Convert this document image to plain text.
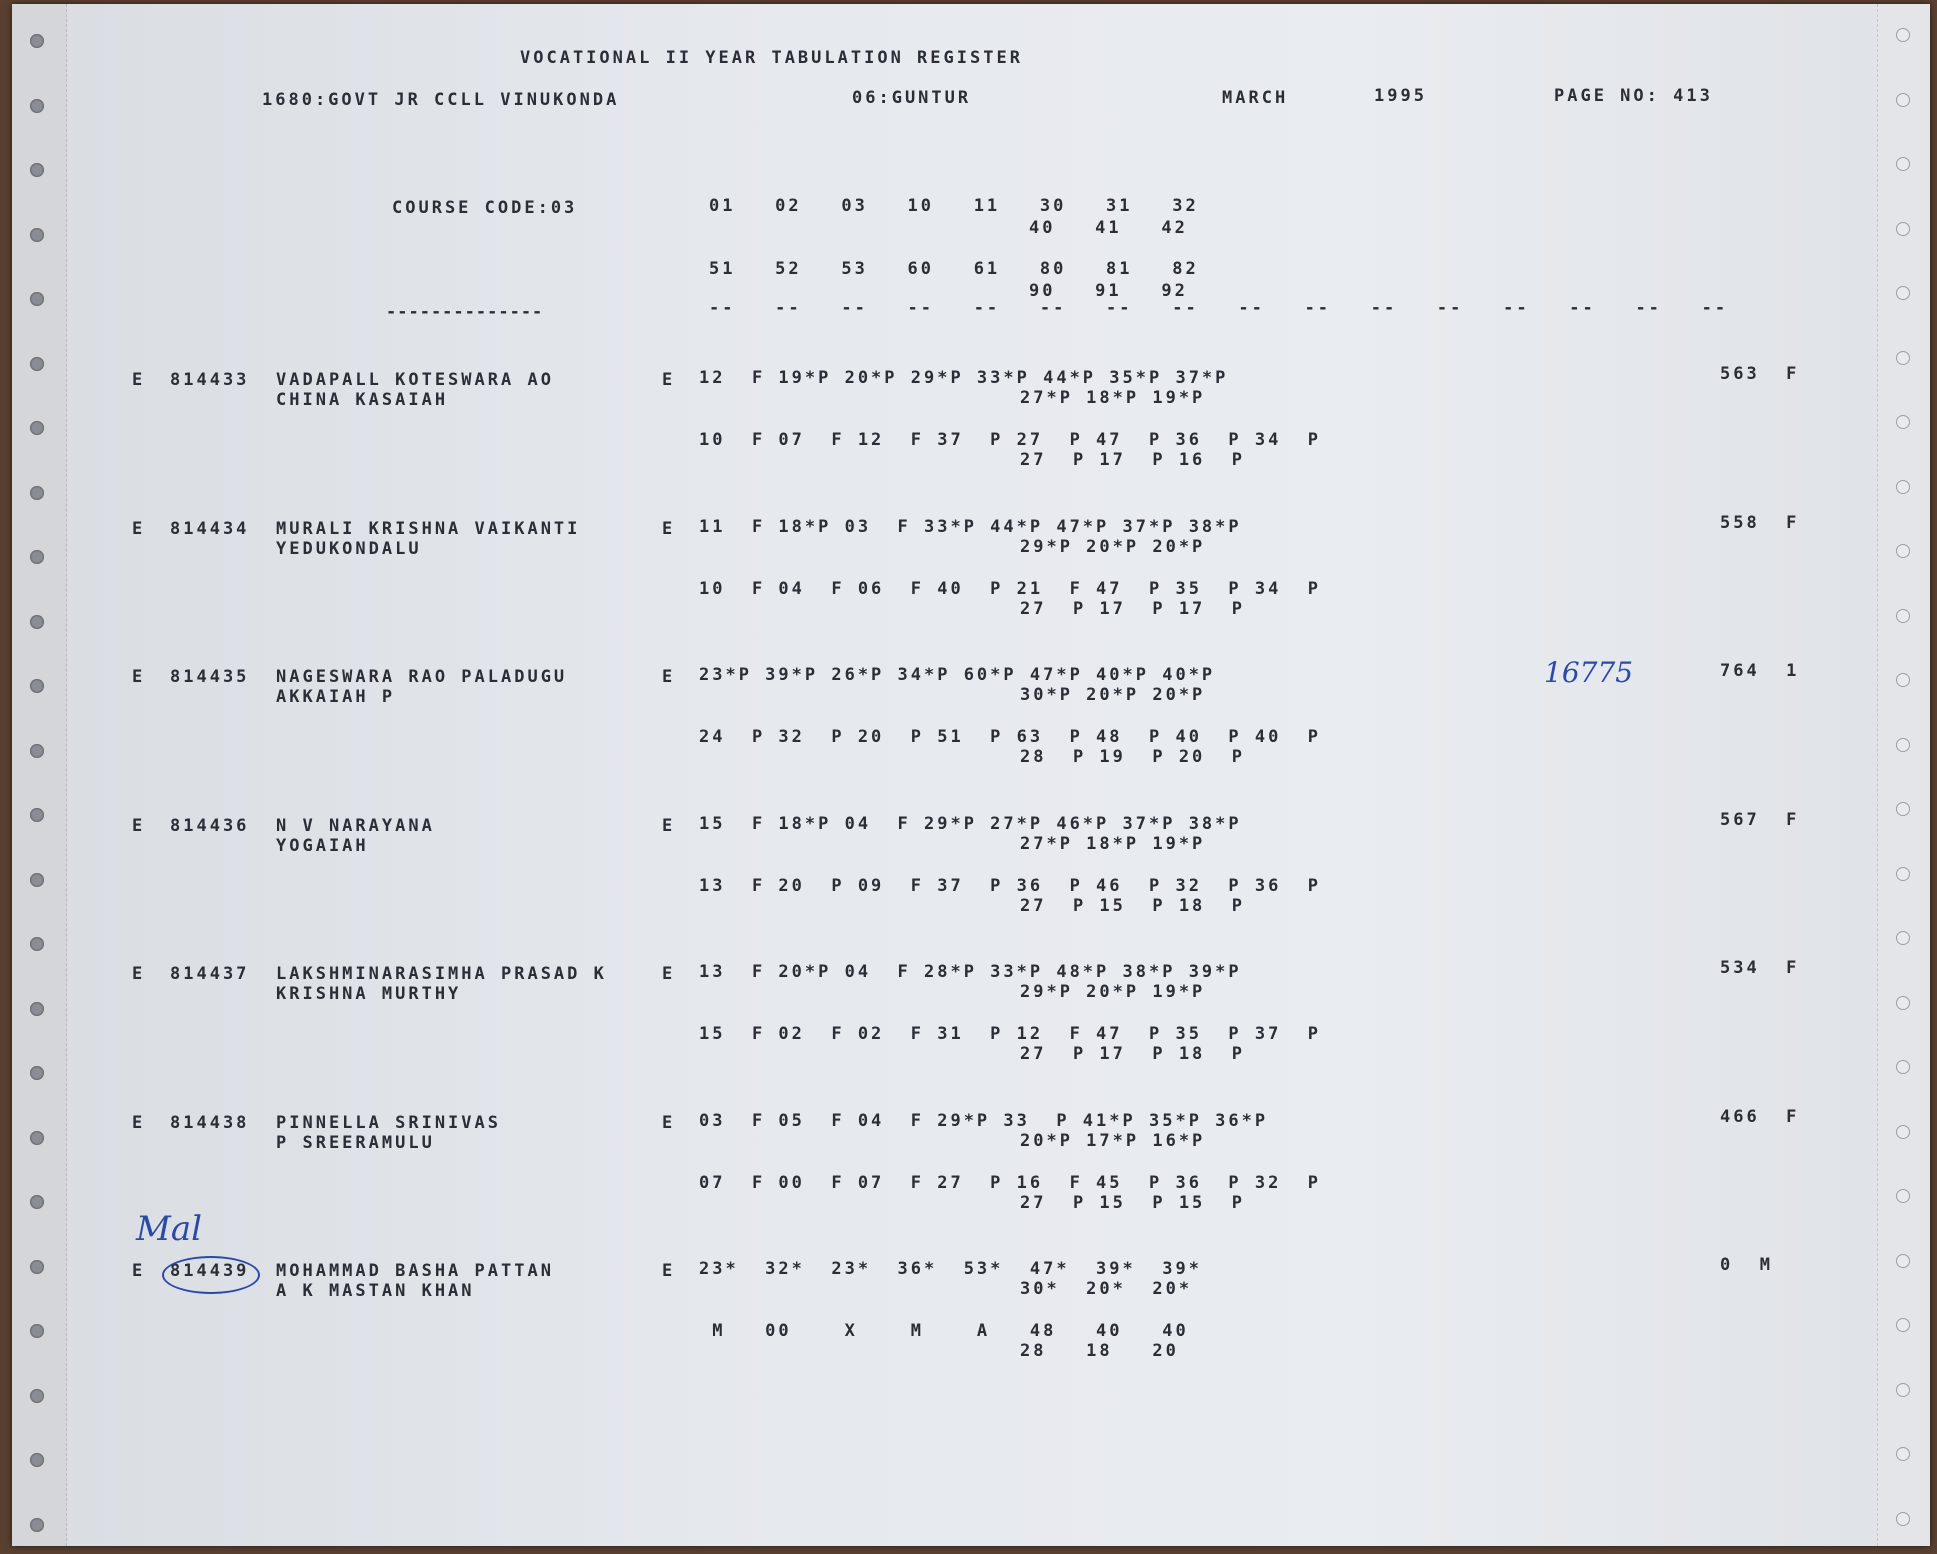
VOCATIONAL II YEAR TABULATION REGISTER
1680:GOVT JR CCLL VINUKONDA	06:GUNTUR	MARCH	1995	PAGE NO: 413
COURSE CODE:03	01   02   03   10   11   30   31   32
40   41   42
51   52   53   60   61   80   81   82
90   91   92
--------------	--   --   --   --   --   --   --   --   --   --   --   --   --   --   --   --
E 814433 VADAPALL KOTESWARA AO
CHINA KASAIAH
E 12  F 19*P 20*P 29*P 33*P 44*P 35*P 37*P
27*P 18*P 19*P
10  F 07  F 12  F 37  P 27  P 47  P 36  P 34  P
27  P 17  P 16  P
563  F
E 814434 MURALI KRISHNA VAIKANTI
YEDUKONDALU
E 11  F 18*P 03  F 33*P 44*P 47*P 37*P 38*P
29*P 20*P 20*P
10  F 04  F 06  F 40  P 21  F 47  P 35  P 34  P
27  P 17  P 17  P
558  F
E 814435 NAGESWARA RAO PALADUGU
AKKAIAH P
E 23*P 39*P 26*P 34*P 60*P 47*P 40*P 40*P
30*P 20*P 20*P
24  P 32  P 20  P 51  P 63  P 48  P 40  P 40  P
28  P 19  P 20  P
764  1
E 814436 N V NARAYANA
YOGAIAH
E 15  F 18*P 04  F 29*P 27*P 46*P 37*P 38*P
27*P 18*P 19*P
13  F 20  P 09  F 37  P 36  P 46  P 32  P 36  P
27  P 15  P 18  P
567  F
E 814437 LAKSHMINARASIMHA PRASAD K
KRISHNA MURTHY
E 13  F 20*P 04  F 28*P 33*P 48*P 38*P 39*P
29*P 20*P 19*P
15  F 02  F 02  F 31  P 12  F 47  P 35  P 37  P
27  P 17  P 18  P
534  F
E 814438 PINNELLA SRINIVAS
P SREERAMULU
E 03  F 05  F 04  F 29*P 33  P 41*P 35*P 36*P
20*P 17*P 16*P
07  F 00  F 07  F 27  P 16  F 45  P 36  P 32  P
27  P 15  P 15  P
466  F
E 814439 MOHAMMAD BASHA PATTAN
A K MASTAN KHAN
E 23*  32*  23*  36*  53*  47*  39*  39*
30*  20*  20*
M   00    X    M    A   48   40   40
28   18   20
0  M
16775
Mal
